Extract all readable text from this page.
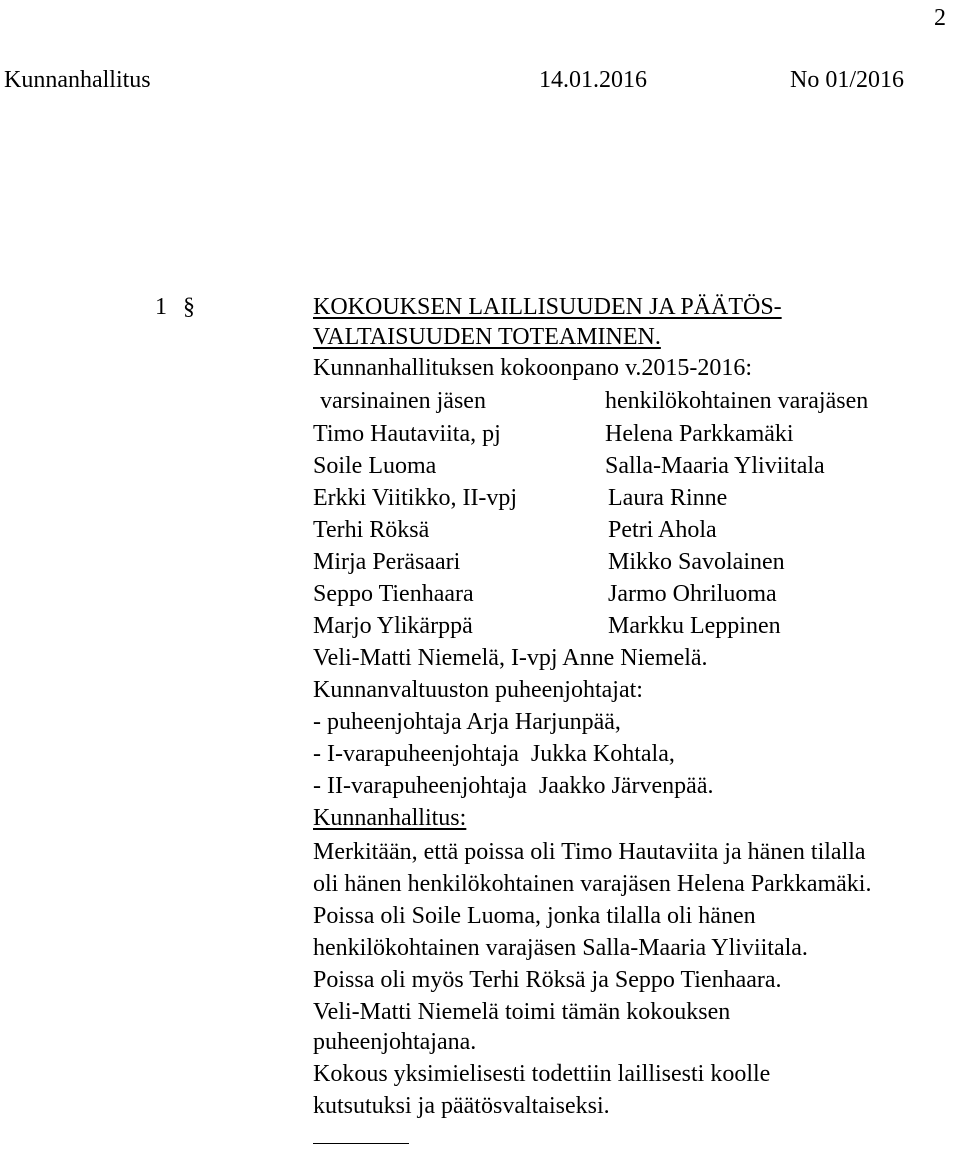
2
Kunnanhallitus	14.01.2016	No 01/2016
1 §	KOKOUKSEN LAILLISUUDEN JA PÄÄTÖS-
VALTAISUUDEN TOTEAMINEN.
Kunnanhallituksen kokoonpano v.2015-2016:
varsinainen jäsen	henkilökohtainen varajäsen
Timo Hautaviita, pj	Helena Parkkamäki
Soile Luoma	Salla-Maaria Yliviitala
Erkki Viitikko, II-vpj	Laura Rinne
Terhi Röksä	Petri Ahola
Mirja Peräsaari	Mikko Savolainen
Seppo Tienhaara	Jarmo Ohriluoma
Marjo Ylikärppä	Markku Leppinen
Veli-Matti Niemelä, I-vpj Anne Niemelä.
Kunnanvaltuuston puheenjohtajat:
- puheenjohtaja Arja Harjunpää,
- I-varapuheenjohtaja  Jukka Kohtala,
- II-varapuheenjohtaja  Jaakko Järvenpää.
Kunnanhallitus:
Merkitään, että poissa oli Timo Hautaviita ja hänen tilalla
oli hänen henkilökohtainen varajäsen Helena Parkkamäki.
Poissa oli Soile Luoma, jonka tilalla oli hänen
henkilökohtainen varajäsen Salla-Maaria Yliviitala.
Poissa oli myös Terhi Röksä ja Seppo Tienhaara.
Veli-Matti Niemelä toimi tämän kokouksen
puheenjohtajana.
Kokous yksimielisesti todettiin laillisesti koolle
kutsutuksi ja päätösvaltaiseksi.
